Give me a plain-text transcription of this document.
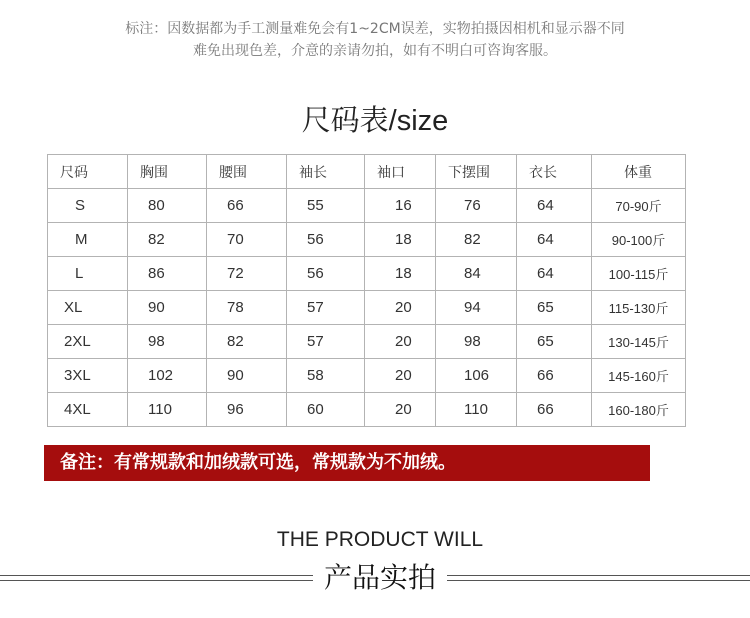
标注：因数据都为手工测量难免会有1~2CM误差，实物拍摄因相机和显示器不同
难免出现色差，介意的亲请勿拍，如有不明白可咨询客服。
尺码表/size
尺码	胸围	腰围	袖长	袖口	下摆围	衣长	体重
S	80	66	55	16	76	64	70-90斤
M	82	70	56	18	82	64	90-100斤
L	86	72	56	18	84	64	100-115斤
XL	90	78	57	20	94	65	115-130斤
2XL	98	82	57	20	98	65	130-145斤
3XL	102	90	58	20	106	66	145-160斤
4XL	110	96	60	20	110	66	160-180斤
备注：有常规款和加绒款可选，常规款为不加绒。
THE PRODUCT WILL
产品实拍
